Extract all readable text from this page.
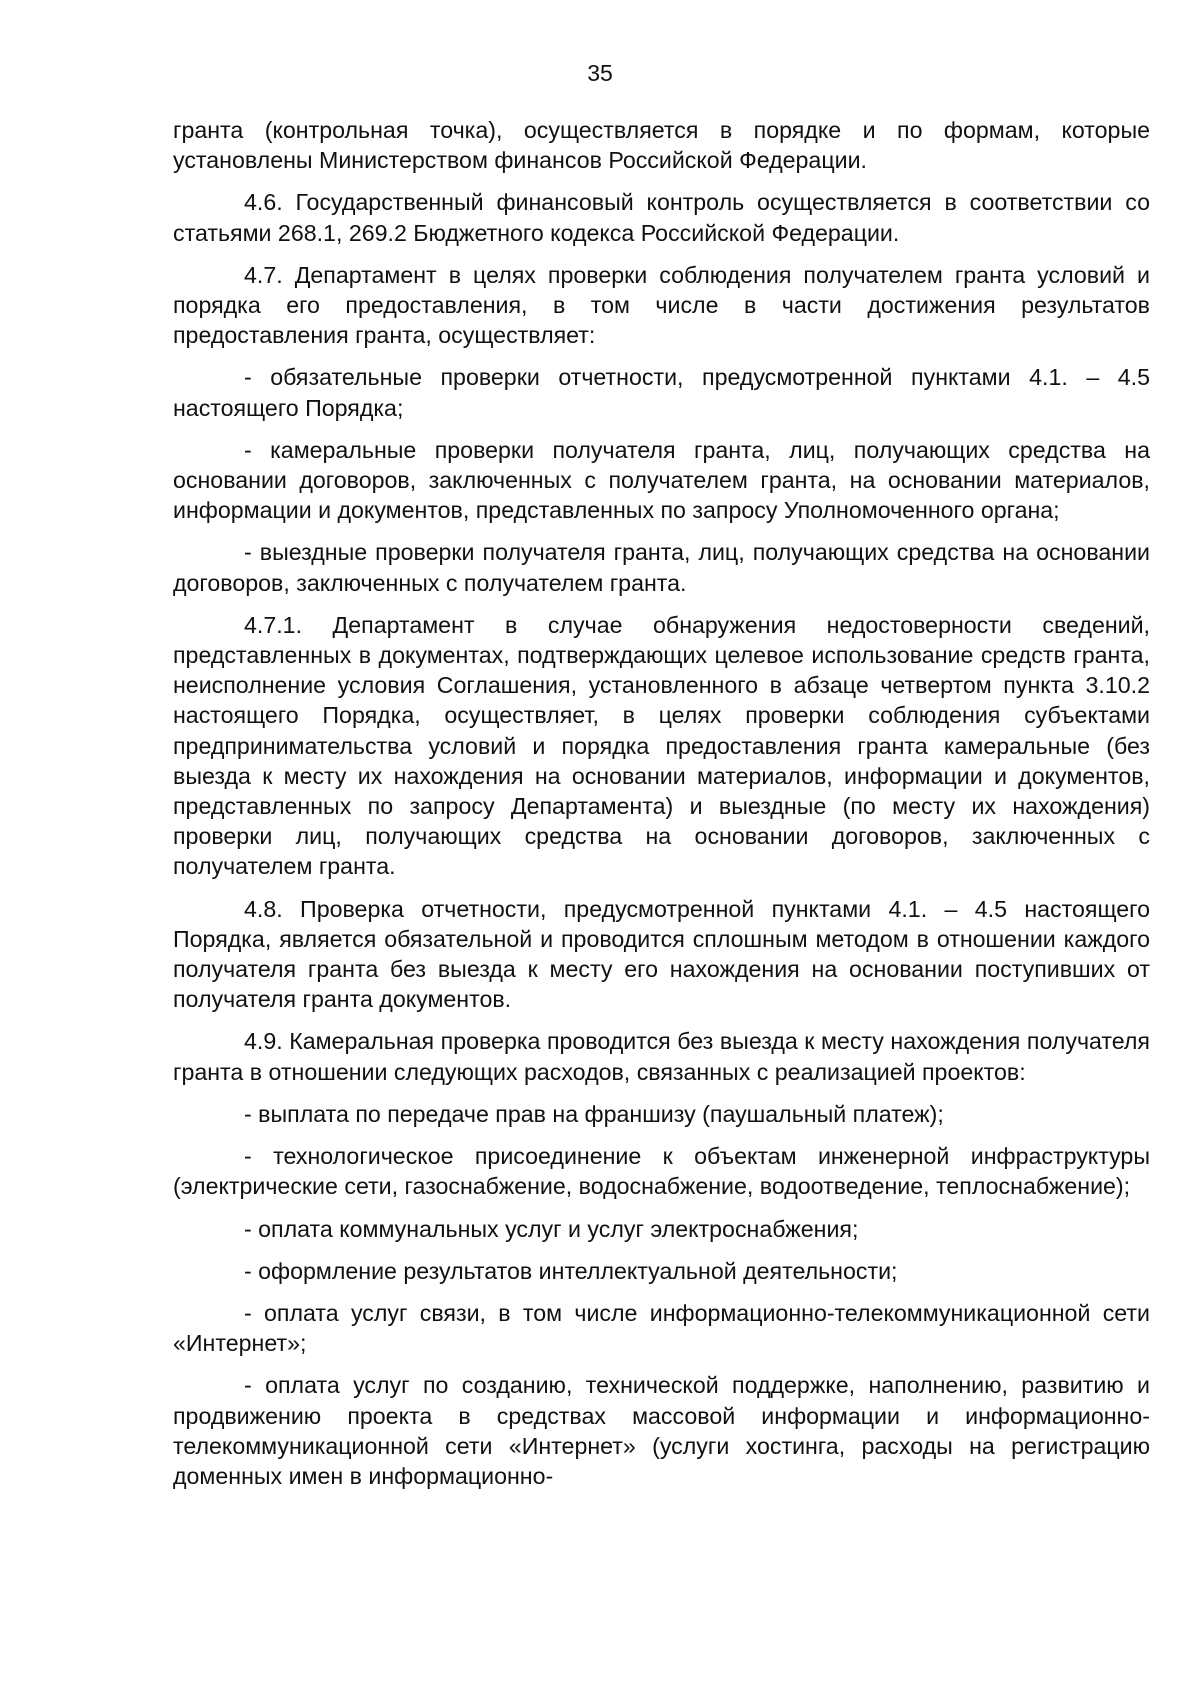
35

гранта (контрольная точка), осуществляется в порядке и по формам, которые установлены Министерством финансов Российской Федерации.

4.6. Государственный финансовый контроль осуществляется в соответствии со статьями 268.1, 269.2 Бюджетного кодекса Российской Федерации.

4.7. Департамент в целях проверки соблюдения получателем гранта условий и порядка его предоставления, в том числе в части достижения результатов предоставления гранта, осуществляет:

- обязательные проверки отчетности, предусмотренной пунктами 4.1. – 4.5 настоящего Порядка;

- камеральные проверки получателя гранта, лиц, получающих средства на основании договоров, заключенных с получателем гранта, на основании материалов, информации и документов, представленных по запросу Уполномоченного органа;

- выездные проверки получателя гранта, лиц, получающих средства на основании договоров, заключенных с получателем гранта.

4.7.1. Департамент в случае обнаружения недостоверности сведений, представленных в документах, подтверждающих целевое использование средств гранта, неисполнение условия Соглашения, установленного в абзаце четвертом пункта 3.10.2 настоящего Порядка, осуществляет, в целях проверки соблюдения субъектами предпринимательства условий и порядка предоставления гранта камеральные (без выезда к месту их нахождения на основании материалов, информации и документов, представленных по запросу Департамента) и выездные (по месту их нахождения) проверки лиц, получающих средства на основании договоров, заключенных с получателем гранта.

4.8. Проверка отчетности, предусмотренной пунктами 4.1. – 4.5 настоящего Порядка, является обязательной и проводится сплошным методом в отношении каждого получателя гранта без выезда к месту его нахождения на основании поступивших от получателя гранта документов.

4.9. Камеральная проверка проводится без выезда к месту нахождения получателя гранта в отношении следующих расходов, связанных с реализацией проектов:

- выплата по передаче прав на франшизу (паушальный платеж);

- технологическое присоединение к объектам инженерной инфраструктуры (электрические сети, газоснабжение, водоснабжение, водоотведение, теплоснабжение);

- оплата коммунальных услуг и услуг электроснабжения;

- оформление результатов интеллектуальной деятельности;

- оплата услуг связи, в том числе информационно-телекоммуникационной сети «Интернет»;

- оплата услуг по созданию, технической поддержке, наполнению, развитию и продвижению проекта в средствах массовой информации и информационно-телекоммуникационной сети «Интернет» (услуги хостинга, расходы на регистрацию доменных имен в информационно-
